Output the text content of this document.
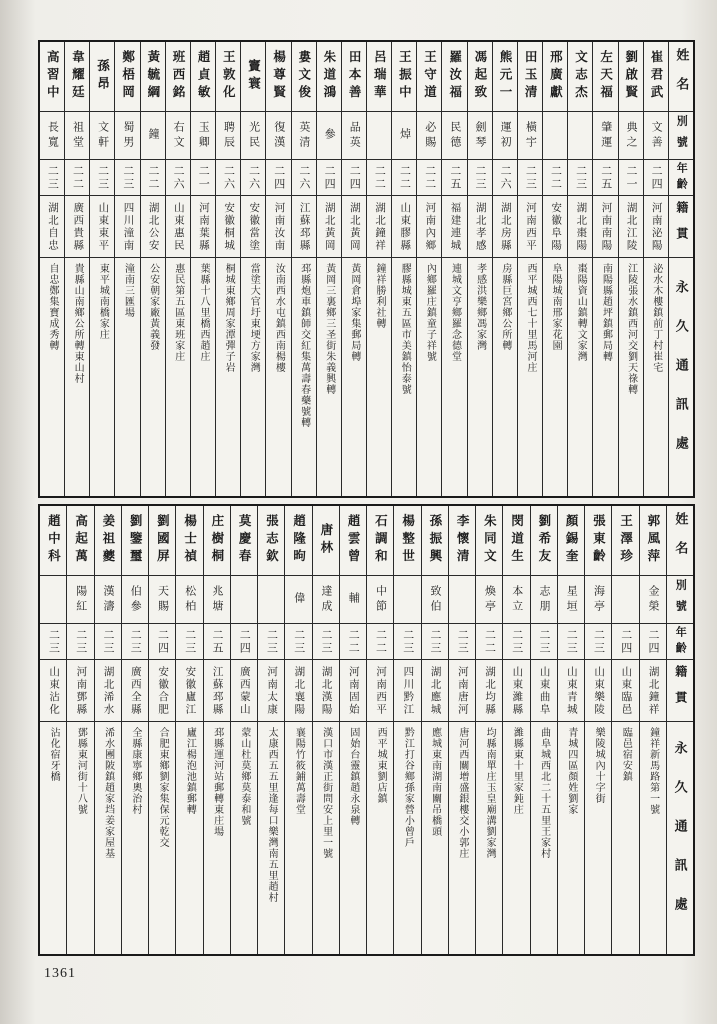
姓名
別號
年齡
籍貫
永久通訊處
崔君武
文善
二四
河南泌陽
泌水木樓鎮前丁村崔宅
劉啟賢
典之
二一
湖北江陵
江陵張水鎮西河交劉天祿轉
左天福
肇運
二五
河南南陽
南陽縣趙坪鎮郵局轉
文志杰
二三
湖北棗陽
棗陽資山鎮轉文家灣
邢廣獻
二二
安徽阜陽
阜陽城南邢家花園
田玉清
橫宇
二三
河南西平
西平城西七十里馬河庄
熊元一
運初
二六
湖北房縣
房縣巨宮鄉公所轉
馮起致
劍琴
二三
湖北孝感
孝感洪樂鄉馮家灣
羅汝福
民德
二五
福建連城
連城文亨鄉羅念德堂
王守道
必賜
二二
河南內鄉
內鄉羅庄鎮童子祥號
王振中
焯
二二
山東膠縣
膠縣城東五區市美鎮怡泰號
呂瑞華
二二
湖北鐘祥
鐘祥勝利社轉
田本善
品英
二四
湖北黃岡
黃岡倉埠家集郵局轉
朱道鴻
參
二四
湖北黃岡
黃岡三裏鄉三圣街朱義興轉
婁文俊
英清
二六
江蘇邳縣
邳縣炮車鎮師交紅集萬壽春藥號轉
楊尊賢
復漢
二四
河南汝南
汝南西水屯鎮西南楊樓
竇寰
光民
二六
安徽當塗
當塗大官圩東埂方家灣
王敦化
聘辰
二六
安徽桐城
桐城東鄉周家潭彈子岩
趙貞敏
玉卿
二一
河南葉縣
葉縣十八里橋西趙庄
班西銘
右文
二六
山東惠民
惠民第五區東班家庄
黃毓綱
鐘
二二
湖北公安
公安朝家廠黃義發
鄭梧岡
蜀男
二三
四川潼南
潼南三匯場
孫昂
文軒
二三
山東東平
東平城南橋家庄
韋耀廷
祖堂
二二
廣西貴縣
貴縣山南鄉公所轉東山村
高習中
長寬
二三
湖北自忠
自忠鄭集寶成秀轉
姓名
別號
年齡
籍貫
永久通訊處
郭風萍
金榮
二四
湖北鐘祥
鐘祥新馬路第一號
王澤珍
二四
山東臨邑
臨邑宿安鎮
張東齡
海亭
二三
山東樂陵
樂陵城內十字街
顏錫奎
星垣
二三
山東青城
青城四區顏姓劉家
劉希友
志朋
二三
山東曲阜
曲阜城西北二十五里王家村
閔道生
本立
二三
山東濰縣
濰縣東十里家鈍庄
朱同文
煥亭
二二
湖北均縣
均縣南單庄玉皇廟溝劉家灣
李懷清
二三
河南唐河
唐河西關增盛銀樓交小郭庄
孫振興
致伯
二三
湖北應城
應城東南湖南關吊橋頭
楊整世
二三
四川黔江
黔江打谷鄉孫家營小曾戶
石調和
中節
二二
河南西平
西平城東劉店鎮
趙雲曾
輔
二二
河南固始
固始台靈鎮趙永泉轉
唐林
達成
二三
湖北漢陽
漢口市漢正街問安上里一號
趙隆昫
偉
二三
湖北襄陽
襄陽竹筱鋪萬壽堂
張志欽
二三
河南太康
太康西五五里逢每口樂灣南五里趙村
莫慶春
二四
廣西蒙山
蒙山杜莫鄉莫泰和號
庄樹桐
兆塘
二五
江蘇邳縣
邳縣運河站郵轉東庄場
楊士禎
松柏
二三
安徽廬江
廬江楊泡池鎮郵轉
劉國屏
天賜
二四
安徽合肥
合肥東鄉劉家集保元乾交
劉鑒璽
伯參
二三
廣西全縣
全縣康寧鄉奧治村
姜祖夔
漢濤
二三
湖北浠水
浠水團陂鎮趙家垱姜家屋基
高起萬
陽紅
二三
河南鄧縣
鄧縣東河街十八號
趙中科
二三
山東沾化
沾化宿牙橋
1361
